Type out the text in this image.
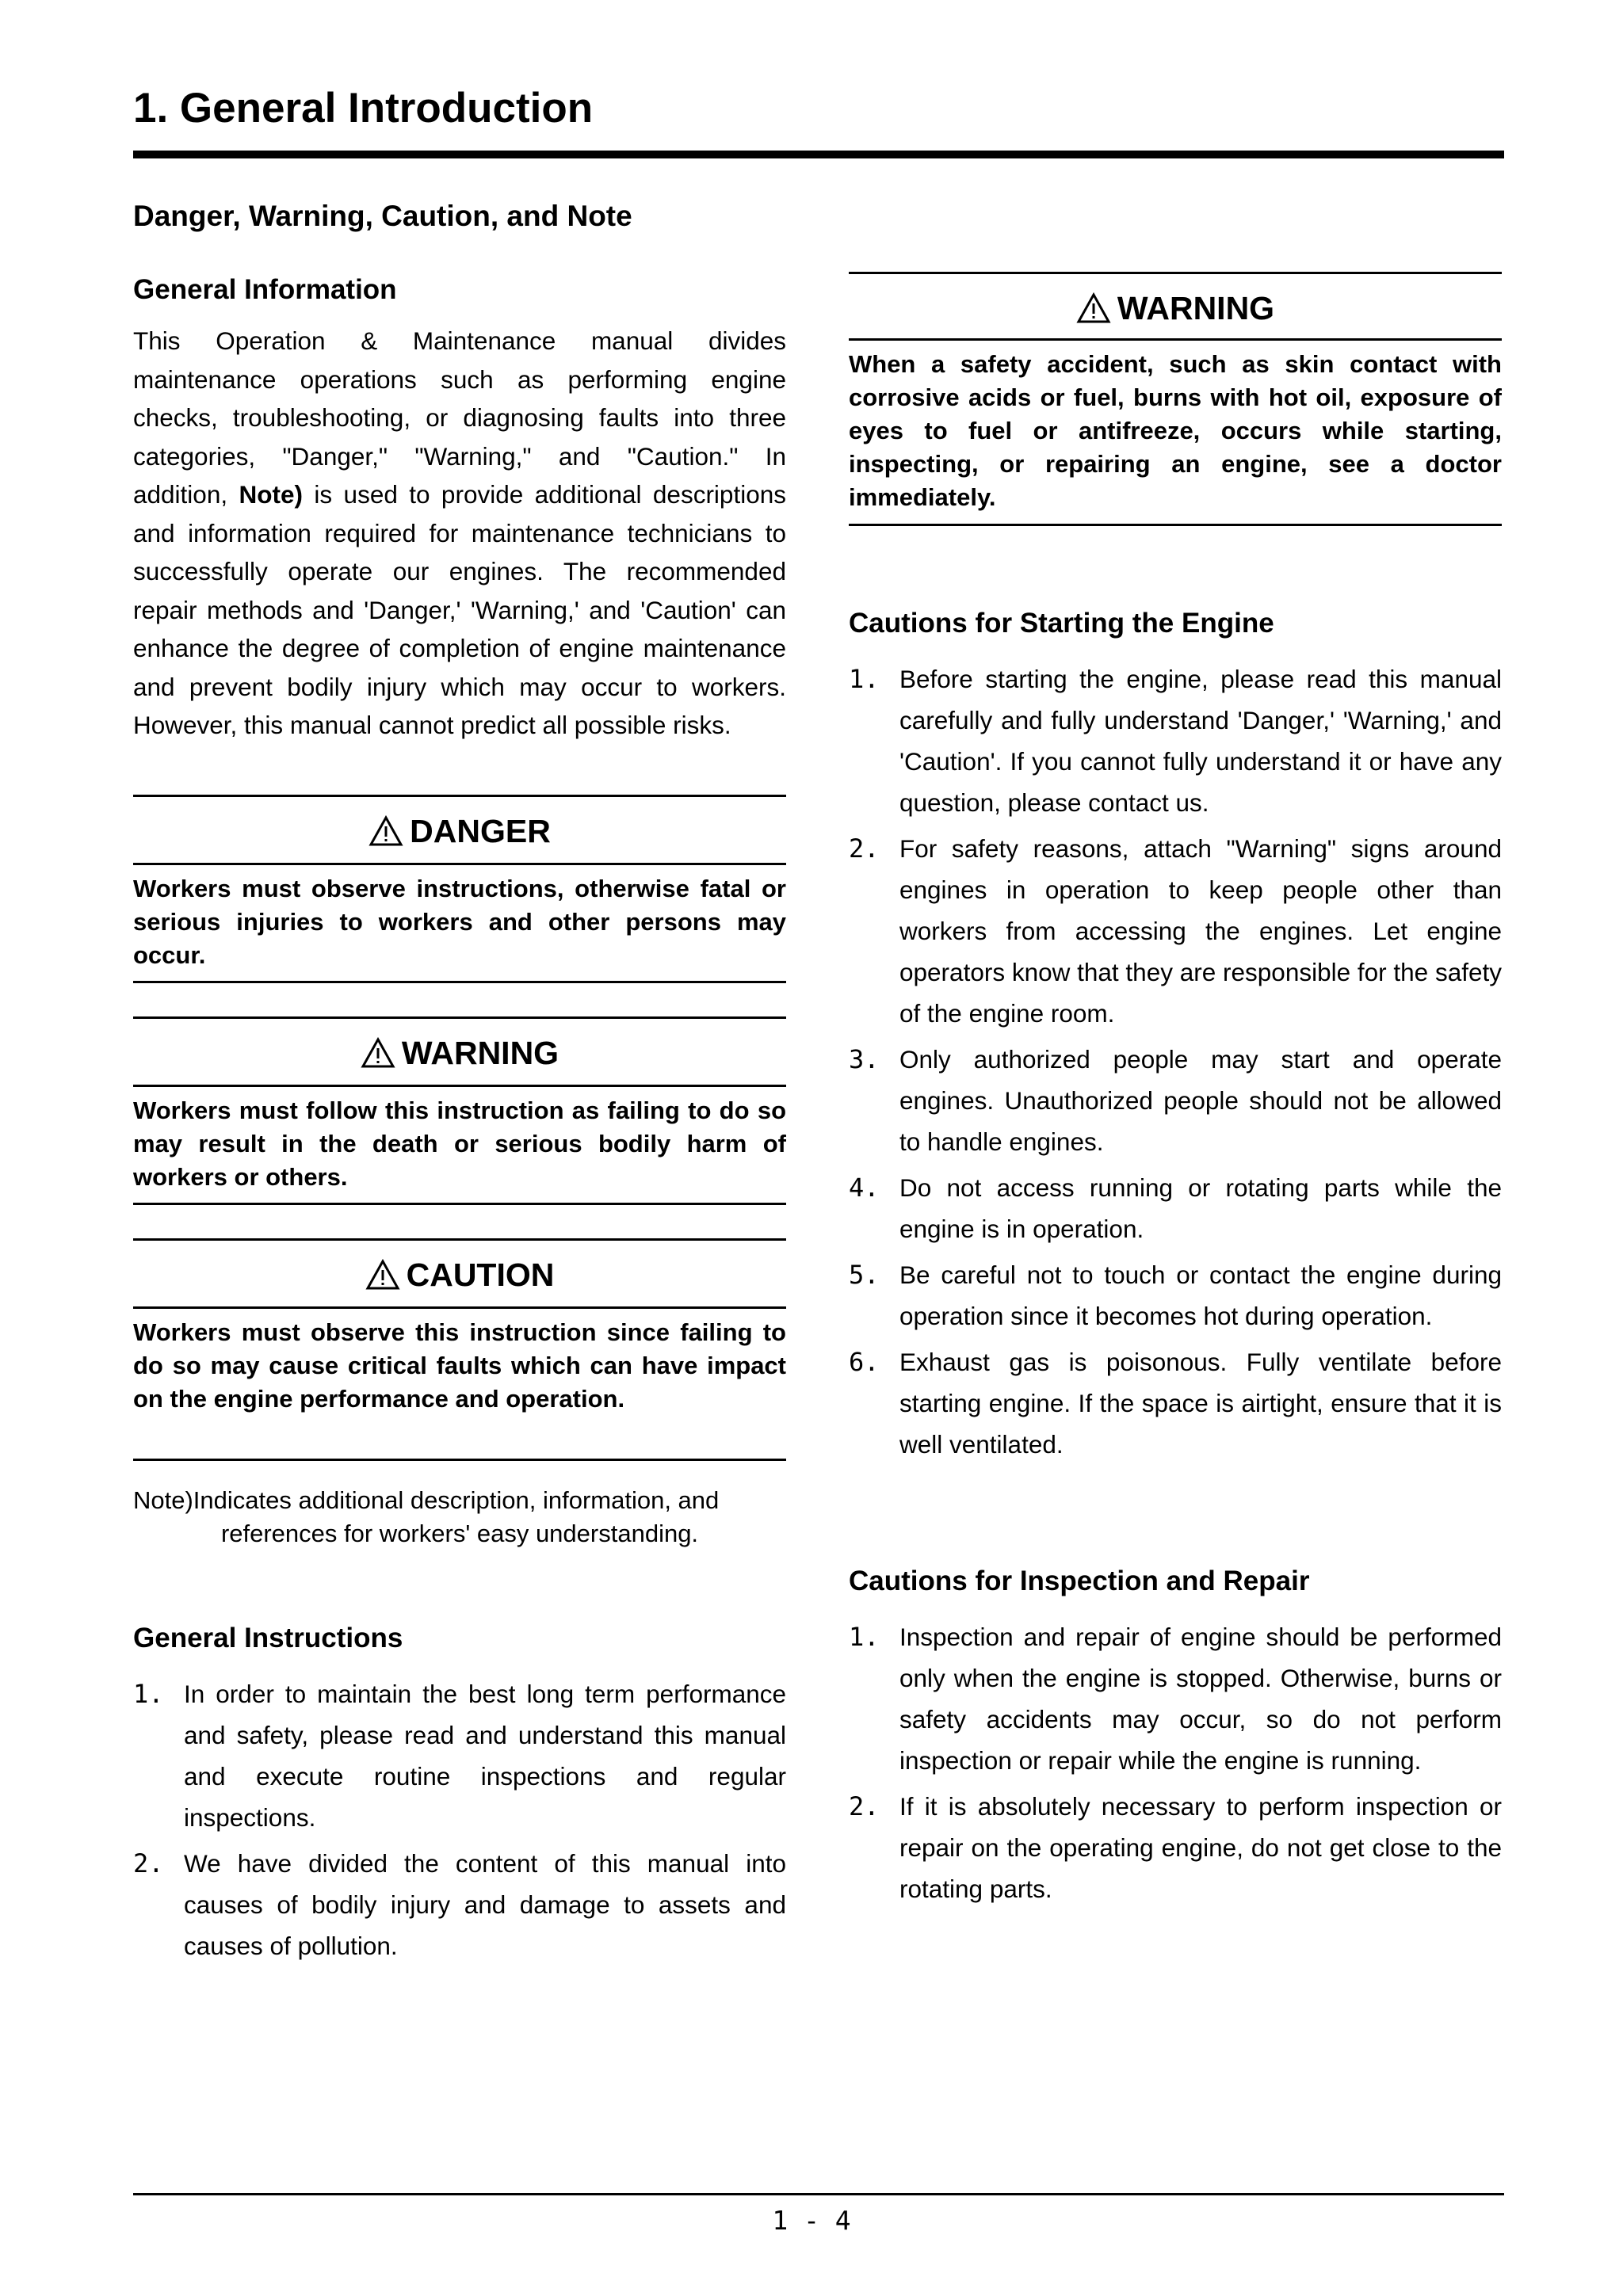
1. General Introduction
Danger, Warning, Caution, and Note
General Information

This Operation & Maintenance manual divides maintenance operations such as performing engine checks, troubleshooting, or diagnosing faults into three categories, "Danger," "Warning," and "Caution." In addition, Note) is used to provide additional descriptions and information required for maintenance technicians to successfully operate our engines. The recommended repair methods and 'Danger,' 'Warning,' and 'Caution' can enhance the degree of completion of engine maintenance and prevent bodily injury which may occur to workers. However, this manual cannot predict all possible risks.

DANGER

Workers must observe instructions, otherwise fatal or serious injuries to workers and other persons may occur.

WARNING

Workers must follow this instruction as failing to do so may result in the death or serious bodily harm of workers or others.

CAUTION

Workers must observe this instruction since failing to do so may cause critical faults which can have impact on the engine performance and operation.

Note)Indicates additional description, information, and
references for workers' easy understanding.
General Instructions
1. In order to maintain the best long term performance and safety, please read and understand this manual and execute routine inspections and regular inspections.
2. We have divided the content of this manual into causes of bodily injury and damage to assets and causes of pollution.
WARNING

When a safety accident, such as skin contact with corrosive acids or fuel, burns with hot oil, exposure of eyes to fuel or antifreeze, occurs while starting, inspecting, or repairing an engine, see a doctor immediately.

Cautions for Starting the Engine
1. Before starting the engine, please read this manual carefully and fully understand 'Danger,' 'Warning,' and 'Caution'. If you cannot fully understand it or have any question, please contact us.
2. For safety reasons, attach "Warning" signs around engines in operation to keep people other than workers from accessing the engines. Let engine operators know that they are responsible for the safety of the engine room.
3. Only authorized people may start and operate engines. Unauthorized people should not be allowed to handle engines.
4. Do not access running or rotating parts while the engine is in operation.
5. Be careful not to touch or contact the engine during operation since it becomes hot during operation.
6. Exhaust gas is poisonous. Fully ventilate before starting engine. If the space is airtight, ensure that it is well ventilated.
Cautions for Inspection and Repair
1. Inspection and repair of engine should be performed only when the engine is stopped. Otherwise, burns or safety accidents may occur, so do not perform inspection or repair while the engine is running.
2. If it is absolutely necessary to perform inspection or repair on the operating engine, do not get close to the rotating parts.
1 - 4
